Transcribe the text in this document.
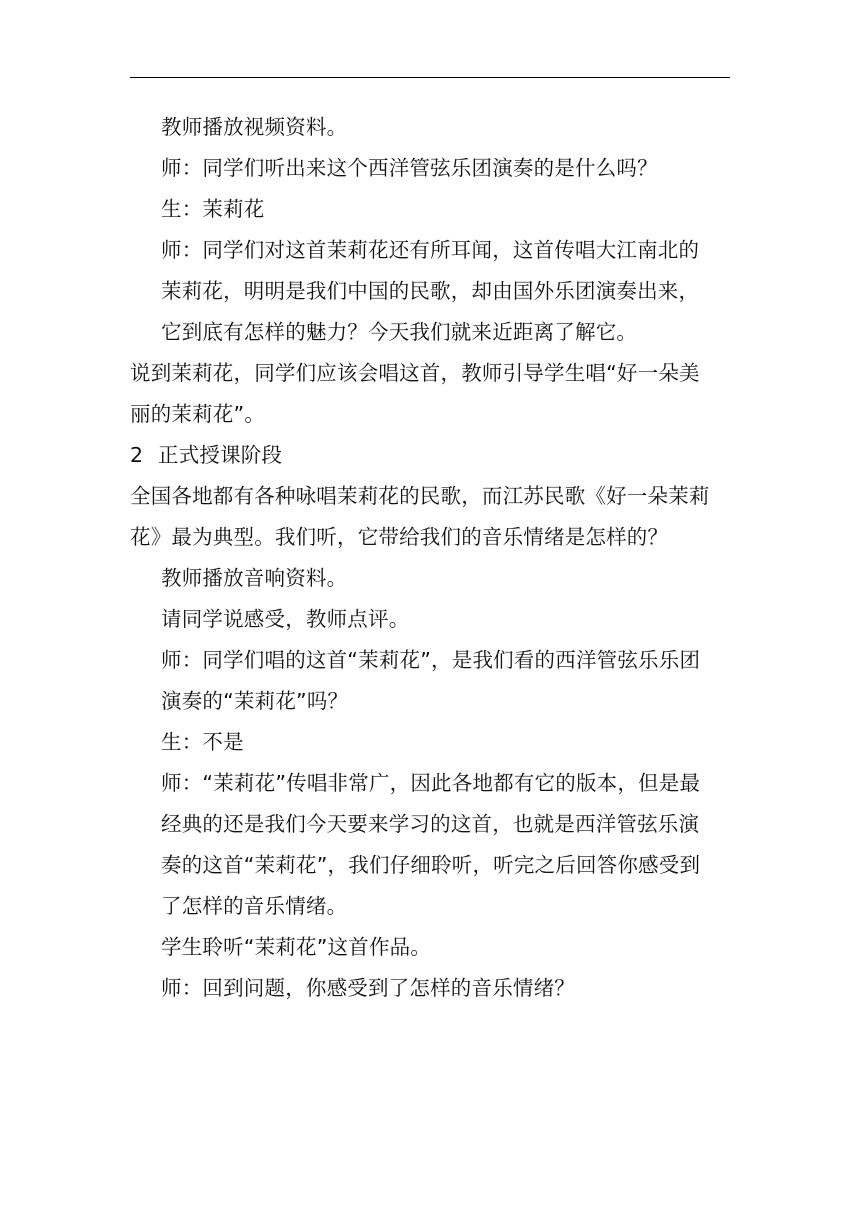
教师播放视频资料。
师：同学们听出来这个西洋管弦乐团演奏的是什么吗？
生：茉莉花
师：同学们对这首茉莉花还有所耳闻，这首传唱大江南北的
茉莉花，明明是我们中国的民歌，却由国外乐团演奏出来，
它到底有怎样的魅力？今天我们就来近距离了解它。
说到茉莉花，同学们应该会唱这首，教师引导学生唱“好一朵美
丽的茉莉花”。
2 正式授课阶段
全国各地都有各种咏唱茉莉花的民歌，而江苏民歌《好一朵茉莉
花》最为典型。我们听，它带给我们的音乐情绪是怎样的？
教师播放音响资料。
请同学说感受，教师点评。
师：同学们唱的这首“茉莉花”，是我们看的西洋管弦乐乐团
演奏的“茉莉花”吗？
生：不是
师：“茉莉花”传唱非常广，因此各地都有它的版本，但是最
经典的还是我们今天要来学习的这首，也就是西洋管弦乐演
奏的这首“茉莉花”，我们仔细聆听，听完之后回答你感受到
了怎样的音乐情绪。
学生聆听“茉莉花”这首作品。
师：回到问题，你感受到了怎样的音乐情绪？
